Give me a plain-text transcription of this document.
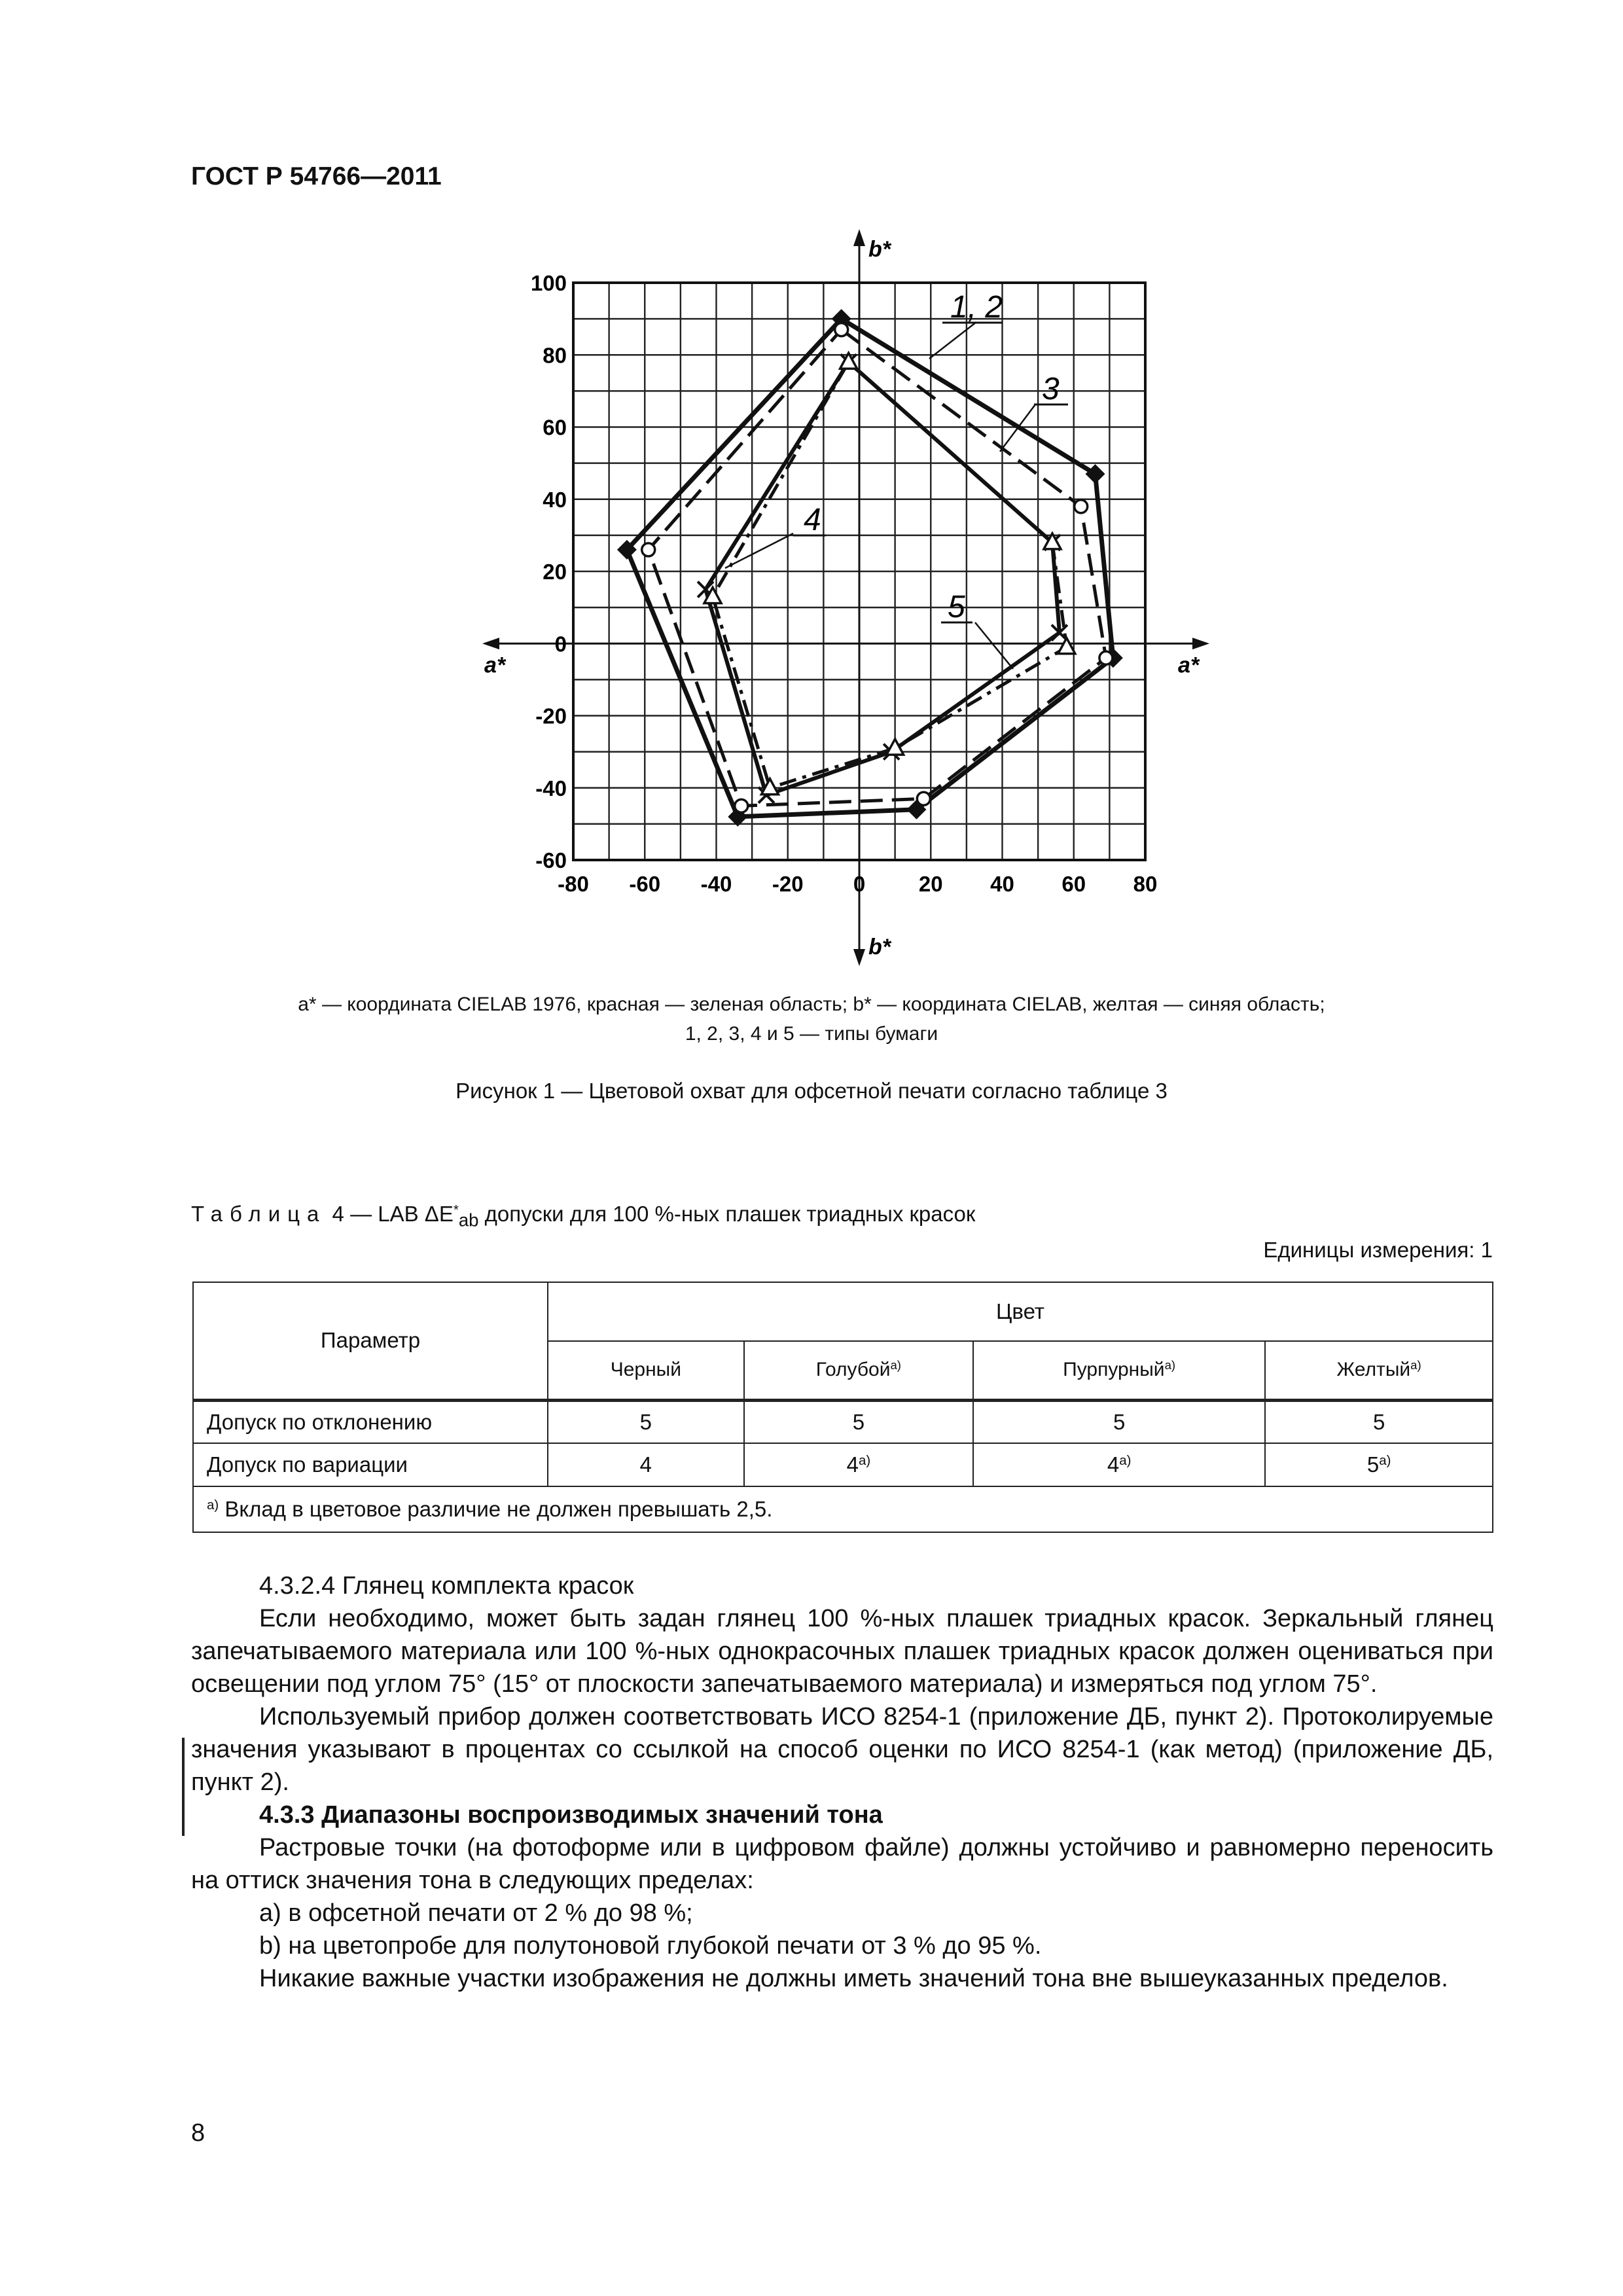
ГОСТ Р 54766—2011
b*
b*
a*	a*
100
80
60
40
20
0
-20
-40
-60
-80 -60 -40 -20 0 20 40 60 80
1, 2
3
4
5
a* — координата CIELAB 1976, красная — зеленая область; b* — координата CIELAB, желтая — синяя область;
1, 2, 3, 4 и 5 — типы бумаги
Рисунок 1 — Цветовой охват для офсетной печати согласно таблице 3
Таблица 4 — LAB $\Delta E^*_{ab}$ допуски для 100 %-ных плашек триадных красок
Единицы измерения: 1
Параметр	Цвет			
	Черный	Голубой$^{а)}$	Пурпурный$^{а)}$	Желтый$^{а)}$
Допуск по отклонению	5	5	5	5
Допуск по вариации	4	$4^{а)}$	$4^{а)}$	$5^{а)}$
$^{а)}$ Вклад в цветовое различие не должен превышать 2,5.				

4.3.2.4 Глянец комплекта красок

Если необходимо, может быть задан глянец 100 %-ных плашек триадных красок. Зеркальный глянец запечатываемого материала или 100 %-ных однокрасочных плашек триадных красок должен оцениваться при освещении под углом 75° (15° от плоскости запечатываемого материала) и измеряться под углом 75°.

Используемый прибор должен соответствовать ИСО 8254-1 (приложение ДБ, пункт 2). Протоколируемые значения указывают в процентах со ссылкой на способ оценки по ИСО 8254-1 (как метод) (приложение ДБ, пункт 2).

4.3.3 Диапазоны воспроизводимых значений тона

Растровые точки (на фотоформе или в цифровом файле) должны устойчиво и равномерно переносить на оттиск значения тона в следующих пределах:

а) в офсетной печати от 2 % до 98 %;

b) на цветопробе для полутоновой глубокой печати от 3 % до 95 %.

Никакие важные участки изображения не должны иметь значений тона вне вышеуказанных пределов.

8
